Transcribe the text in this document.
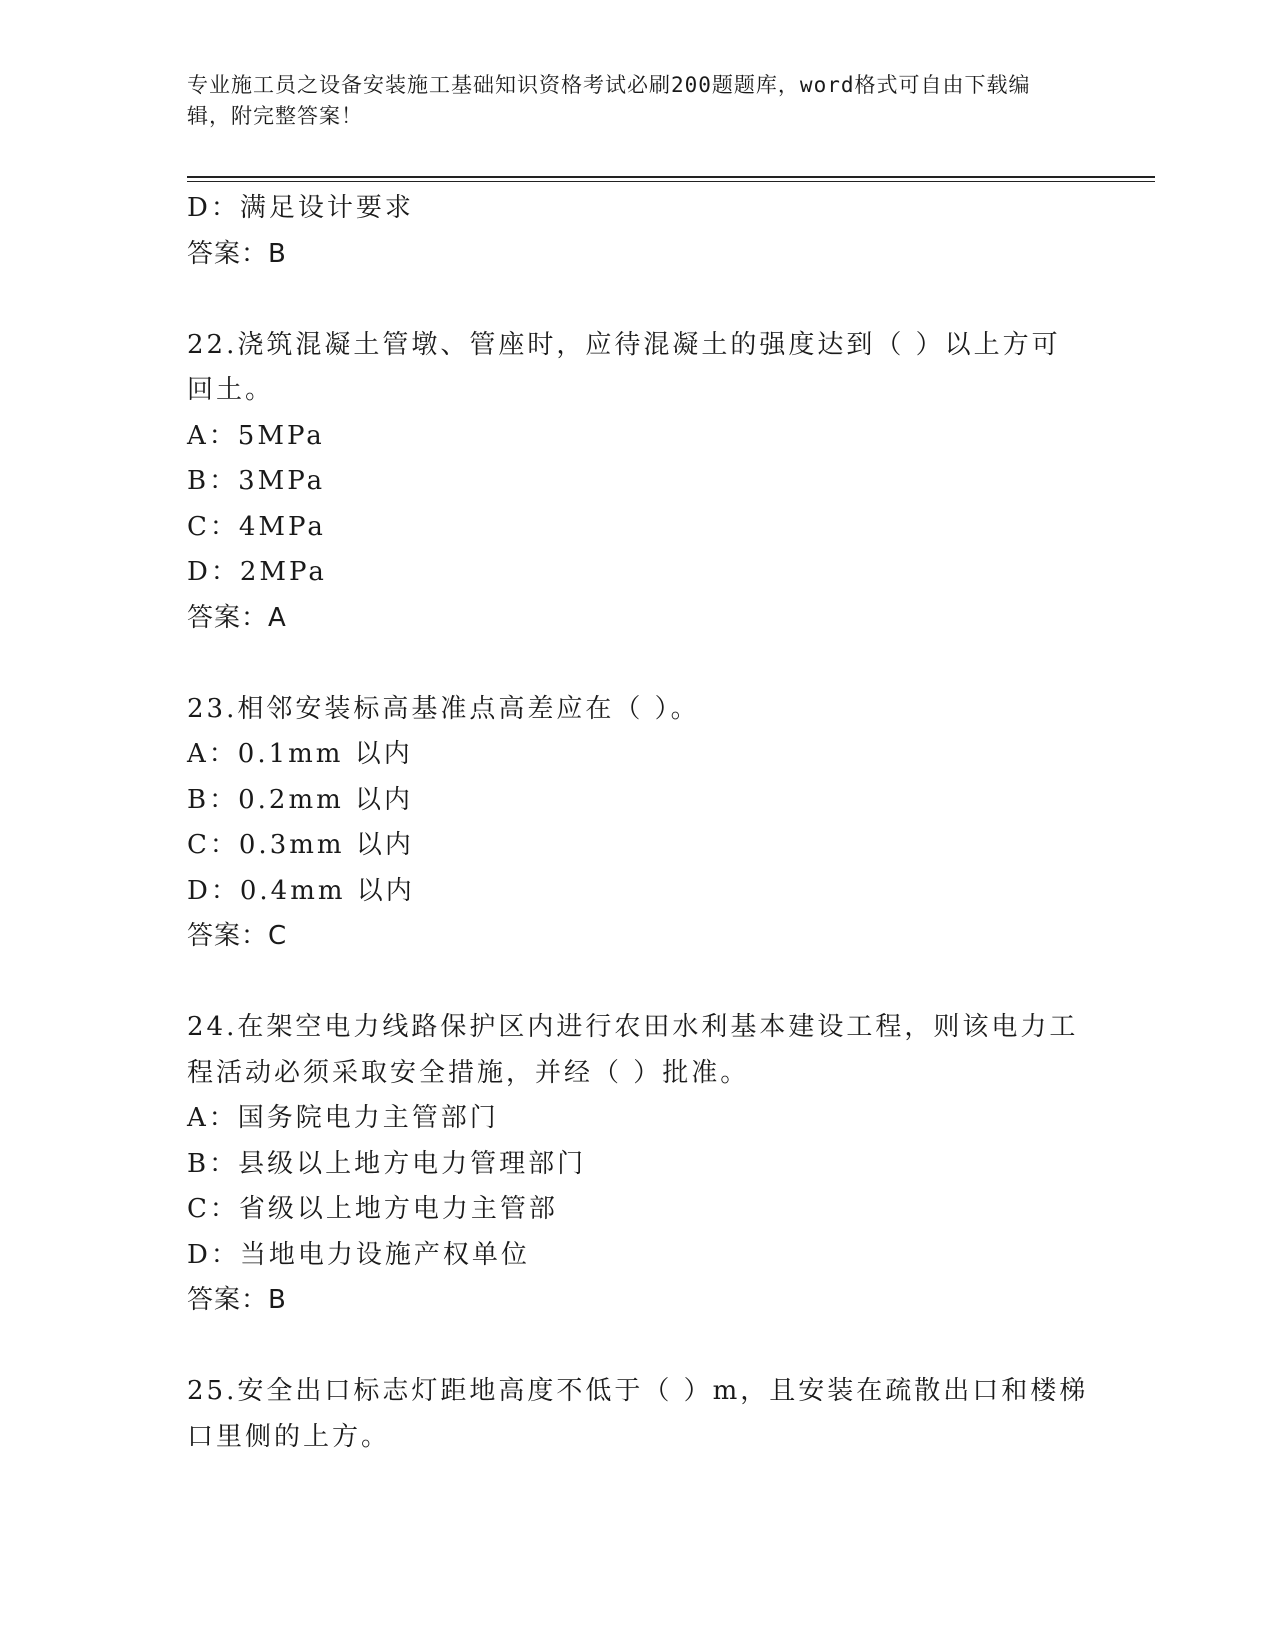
专业施工员之设备安装施工基础知识资格考试必刷200题题库，word格式可自由下载编辑，附完整答案！
D：满足设计要求
答案：B
22.浇筑混凝土管墩、管座时，应待混凝土的强度达到（ ）以上方可
回土。
A：5MPa
B：3MPa
C：4MPa
D：2MPa
答案：A
23.相邻安装标高基准点高差应在（ ）。
A：0.1mm 以内
B：0.2mm 以内
C：0.3mm 以内
D：0.4mm 以内
答案：C
24.在架空电力线路保护区内进行农田水利基本建设工程，则该电力工
程活动必须采取安全措施，并经（ ）批准。
A：国务院电力主管部门
B：县级以上地方电力管理部门
C：省级以上地方电力主管部
D：当地电力设施产权单位
答案：B
25.安全出口标志灯距地高度不低于（ ）m，且安装在疏散出口和楼梯
口里侧的上方。
